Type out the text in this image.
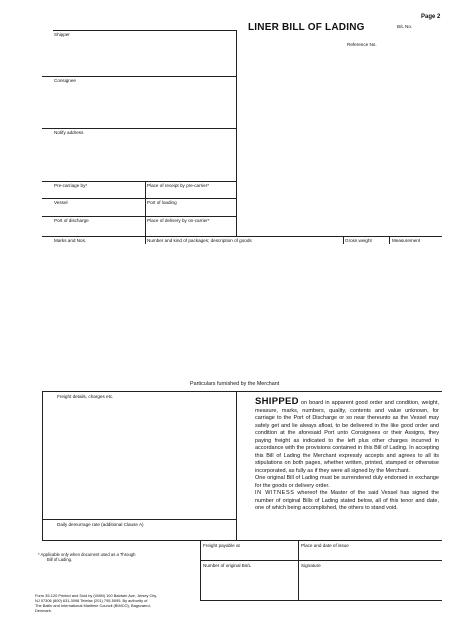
Page 2
LINER BILL OF LADING	B/L No.
Reference No.
Shipper
Consignee
Notify address
Pre-carriage by*	Place of receipt by pre-carrier*
Vessel	Port of loading
Port of discharge	Place of delivery by on-carrier*
Marks and Nos.	Number and kind of packages; description of goods	Gross weight	Measurement
Particulars furnished by the Merchant
Freight details, charges etc.
Daily demurrage rate (additional Clause A)

SHIPPED on board in apparent good order and condition, weight, measure, marks, numbers, quality, contents and value unknown, for carriage to the Port of Discharge or so near thereunto as the Vessel may safely get and lie always afloat, to be delivered in the like good order and condition at the aforesaid Port unto Consignees or their Assigns, they paying freight as indicated to the left plus other charges incurred in accordance with the provisions contained in this Bill of Lading. In accepting this Bill of Lading the Merchant expressly accepts and agrees to all its stipulations on both pages, whether written, printed, stamped or otherwise incorporated, as fully as if they were all signed by the Merchant.

One original Bill of Lading must be surrendered duly endorsed in exchange for the goods or delivery order.

IN WITNESS whereof the Master of the said Vessel has signed the number of original Bills of Lading stated below, all of this tenor and date, one of which being accomplished, the others to stand void.

Freight payable at	Place and date of issue
Number of original Bs/L	Signature
* Applicable only when document used as a Through
Bill of Lading.
Form 35-120 Printed and Sold by (VMM) 100 Baldwin Ave, Jersey City,
NJ 07306 (800) 631-3098 Telefax (201) 795-5095. By authority of
The Baltic and International Maritime Council (BIMCO), Bagsvaerd,
Denmark.
